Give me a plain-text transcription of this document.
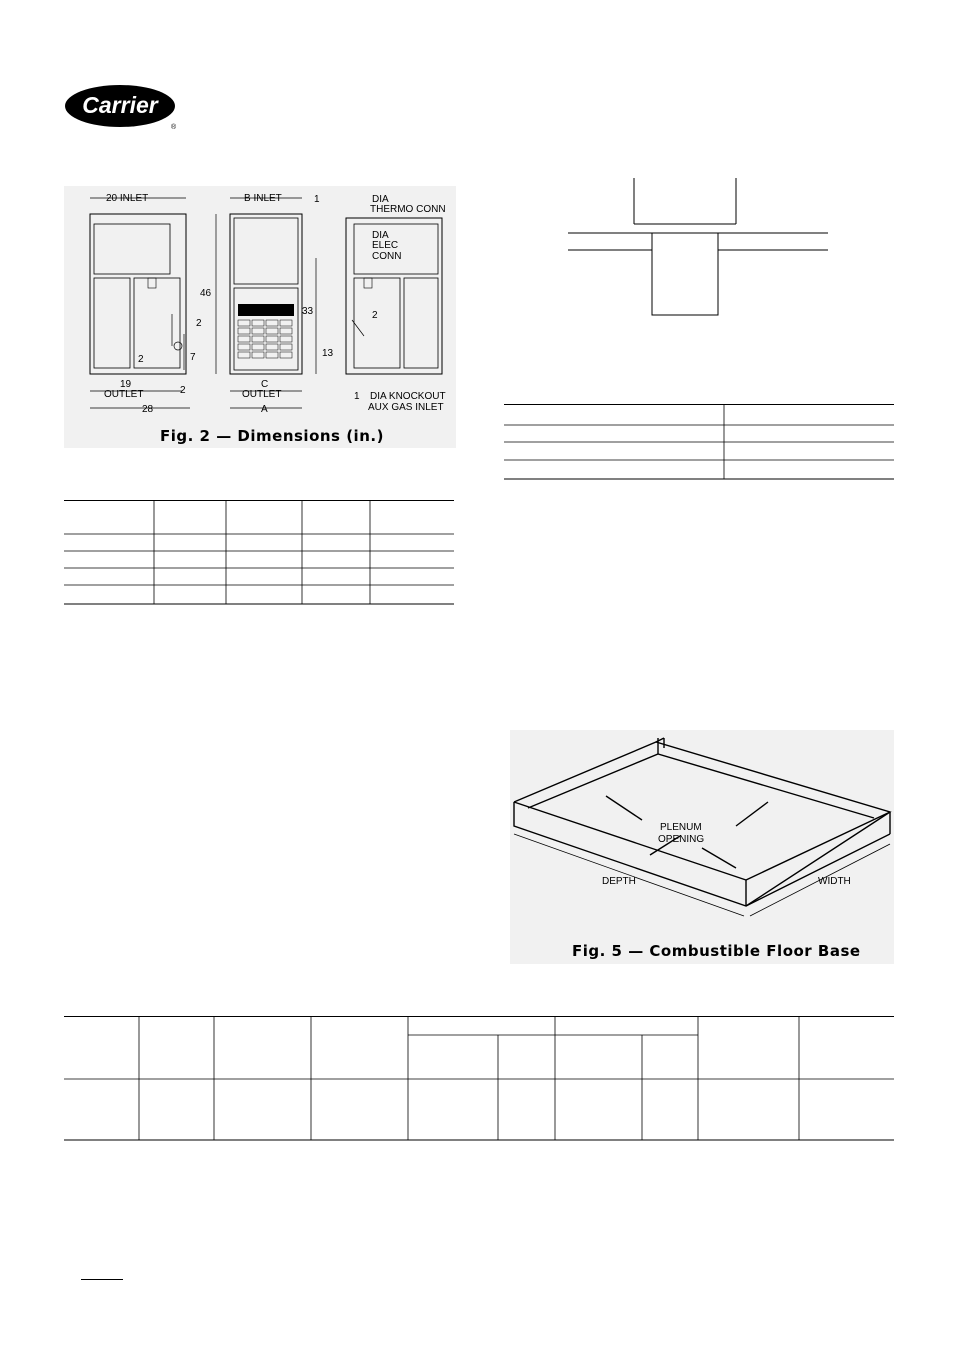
Carrier
®
20 INLET	B INLET	DIA
THERMO CONN
DIA
ELEC
CONN
46
33
13
7
2
2
2
2
1
19
OUTLET
28
C
OUTLET
A
1 DIA KNOCKOUT
AUX GAS INLET
Fig. 2 — Dimensions (in.)
PLENUM
OPENING
DEPTH	WIDTH
Fig. 5 — Combustible Floor Base
